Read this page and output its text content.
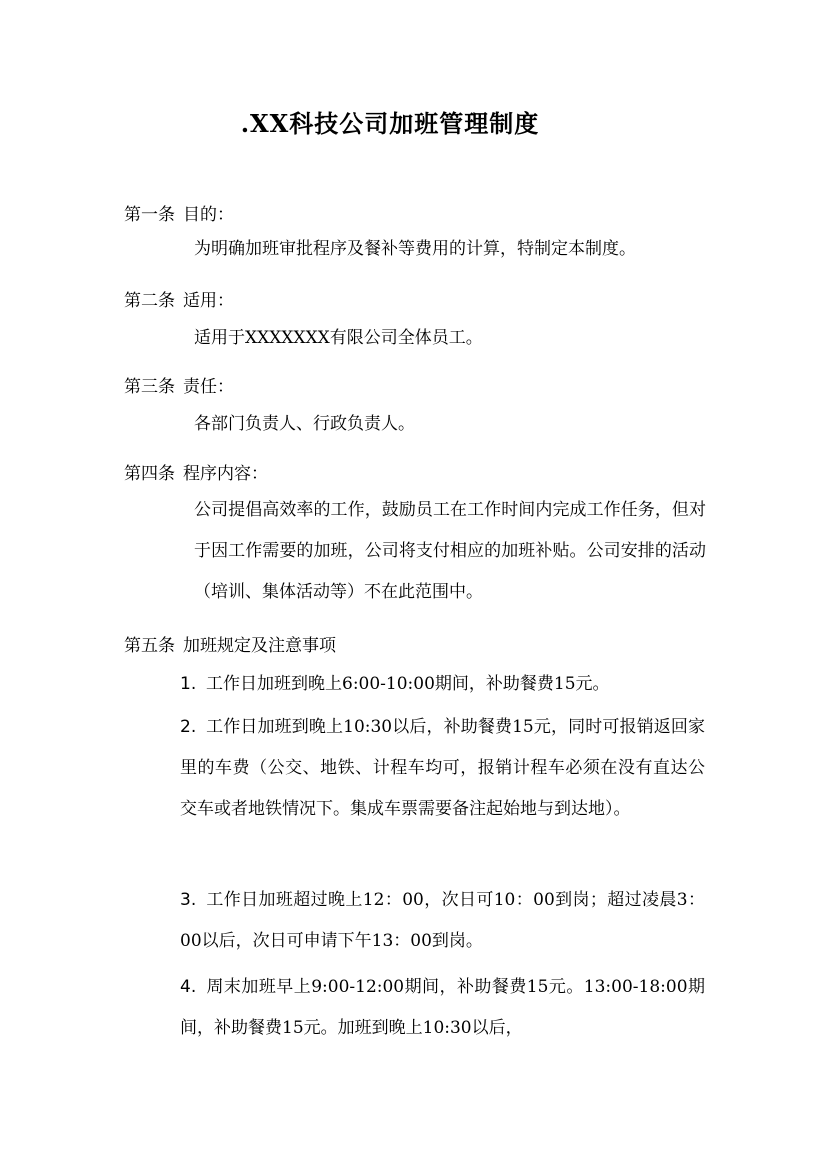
.XX科技公司加班管理制度
第一条 目的：
为明确加班审批程序及餐补等费用的计算，特制定本制度。
第二条 适用：
适用于XXXXXXX有限公司全体员工。
第三条 责任：
各部门负责人、行政负责人。
第四条 程序内容：
公司提倡高效率的工作，鼓励员工在工作时间内完成工作任务，但对于因工作需要的加班，公司将支付相应的加班补贴。公司安排的活动（培训、集体活动等）不在此范围中。
第五条 加班规定及注意事项
1. 工作日加班到晚上6:00-10:00期间，补助餐费15元。
2. 工作日加班到晚上10:30以后，补助餐费15元，同时可报销返回家里的车费（公交、地铁、计程车均可，报销计程车必须在没有直达公交车或者地铁情况下。集成车票需要备注起始地与到达地）。
3. 工作日加班超过晚上12：00，次日可10：00到岗；超过凌晨3：00以后，次日可申请下午13：00到岗。
4. 周末加班早上9:00-12:00期间，补助餐费15元。13:00-18:00期间，补助餐费15元。加班到晚上10:30以后，
